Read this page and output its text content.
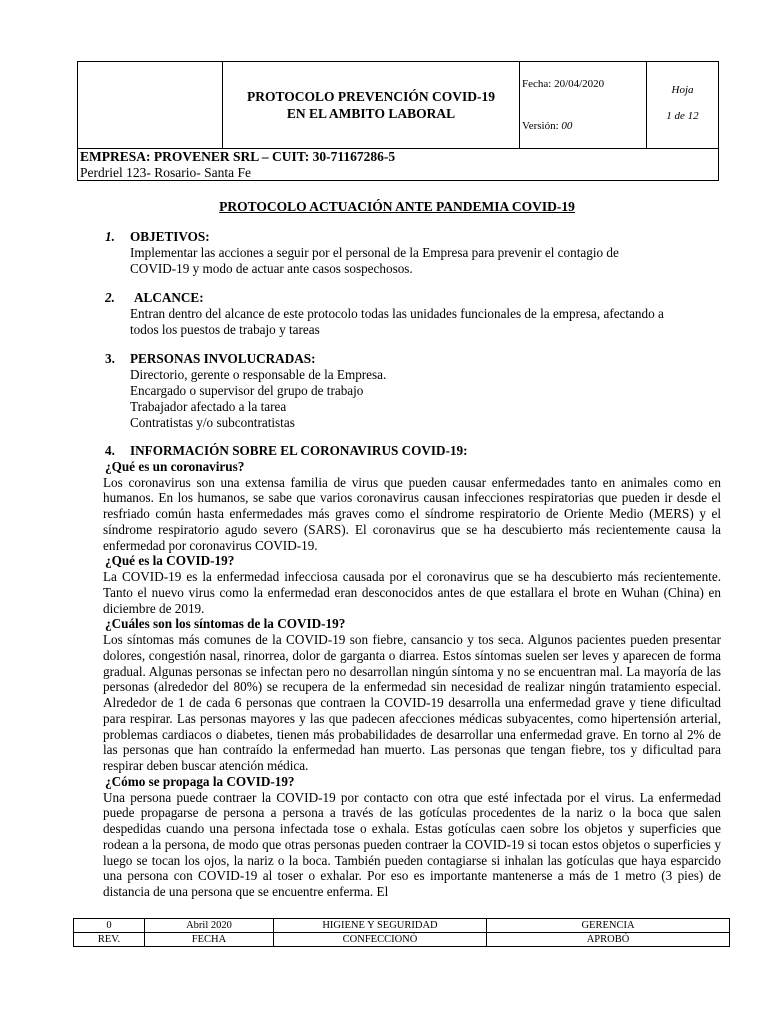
PROTOCOLO PREVENCIÓN COVID-19
EN EL AMBITO LABORAL
Fecha: 20/04/2020
Versión: 00
Hoja
1 de 12
EMPRESA: PROVENER SRL – CUIT: 30-71167286-5
Perdriel 123- Rosario- Santa Fe
PROTOCOLO ACTUACIÓN ANTE PANDEMIA COVID-19
1.	OBJETIVOS:
Implementar las acciones a seguir por el personal de la Empresa para prevenir el contagio de
COVID-19 y modo de actuar ante casos sospechosos.
2.	ALCANCE:
Entran dentro del alcance de este protocolo todas las unidades funcionales de la empresa, afectando a
todos los puestos de trabajo y tareas
3.	PERSONAS INVOLUCRADAS:
Directorio, gerente o responsable de la Empresa.
Encargado o supervisor del grupo de trabajo
Trabajador afectado a la tarea
Contratistas y/o subcontratistas
4.	INFORMACIÓN SOBRE EL CORONAVIRUS COVID-19:
¿Qué es un coronavirus?
Los coronavirus son una extensa familia de virus que pueden causar enfermedades tanto en animales como en humanos. En los humanos, se sabe que varios coronavirus causan infecciones respiratorias que pueden ir desde el resfriado común hasta enfermedades más graves como el síndrome respiratorio de Oriente Medio (MERS) y el síndrome respiratorio agudo severo (SARS). El coronavirus que se ha descubierto más recientemente causa la enfermedad por coronavirus COVID-19.
¿Qué es la COVID-19?
La COVID-19 es la enfermedad infecciosa causada por el coronavirus que se ha descubierto más recientemente. Tanto el nuevo virus como la enfermedad eran desconocidos antes de que estallara el brote en Wuhan (China) en diciembre de 2019.
¿Cuáles son los síntomas de la COVID-19?
Los síntomas más comunes de la COVID-19 son fiebre, cansancio y tos seca. Algunos pacientes pueden presentar dolores, congestión nasal, rinorrea, dolor de garganta o diarrea. Estos síntomas suelen ser leves y aparecen de forma gradual. Algunas personas se infectan pero no desarrollan ningún síntoma y no se encuentran mal. La mayoría de las personas (alrededor del 80%) se recupera de la enfermedad sin necesidad de realizar ningún tratamiento especial. Alrededor de 1 de cada 6 personas que contraen la COVID-19 desarrolla una enfermedad grave y tiene dificultad para respirar. Las personas mayores y las que padecen afecciones médicas subyacentes, como hipertensión arterial, problemas cardiacos o diabetes, tienen más probabilidades de desarrollar una enfermedad grave. En torno al 2% de las personas que han contraído la enfermedad han muerto. Las personas que tengan fiebre, tos y dificultad para respirar deben buscar atención médica.
¿Cómo se propaga la COVID-19?
Una persona puede contraer la COVID-19 por contacto con otra que esté infectada por el virus. La enfermedad puede propagarse de persona a persona a través de las gotículas procedentes de la nariz o la boca que salen despedidas cuando una persona infectada tose o exhala. Estas gotículas caen sobre los objetos y superficies que rodean a la persona, de modo que otras personas pueden contraer la COVID-19 si tocan estos objetos o superficies y luego se tocan los ojos, la nariz o la boca. También pueden contagiarse si inhalan las gotículas que haya esparcido una persona con COVID-19 al toser o exhalar. Por eso es importante mantenerse a más de 1 metro (3 pies) de distancia de una persona que se encuentre enferma. El
0	Abril 2020	HIGIENE Y SEGURIDAD	GERENCIA
REV.	FECHA	CONFECCIONÓ	APROBÓ
